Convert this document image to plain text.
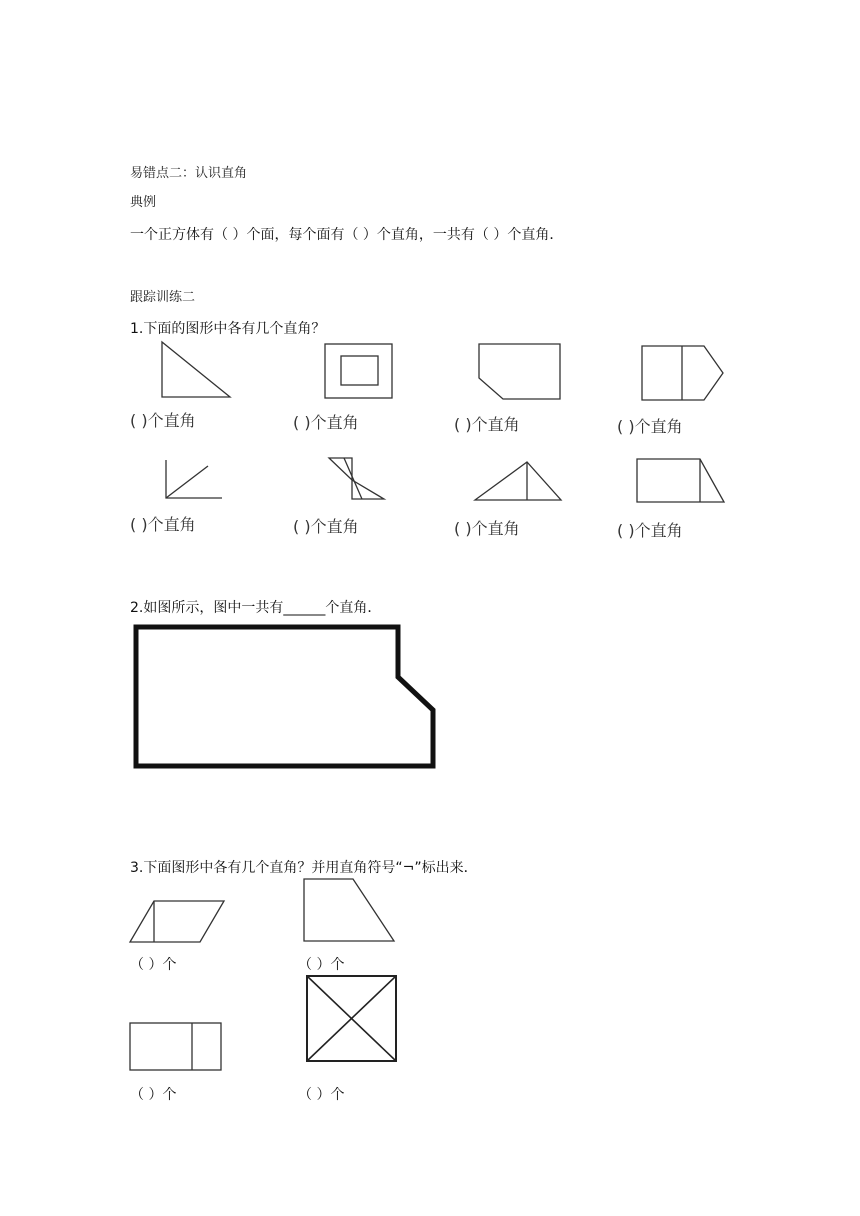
易错点二：认识直角
典例
一个正方体有（ ）个面，每个面有（ ）个直角，一共有（ ）个直角．
跟踪训练二
1.下面的图形中各有几个直角？
( )个直角	( )个直角	( )个直角	( )个直角
( )个直角	( )个直角	( )个直角	( )个直角
2.如图所示，图中一共有______个直角．
3.下面图形中各有几个直角？并用直角符号“¬”标出来．
（ ）个	（ ）个
（ ）个	（ ）个
